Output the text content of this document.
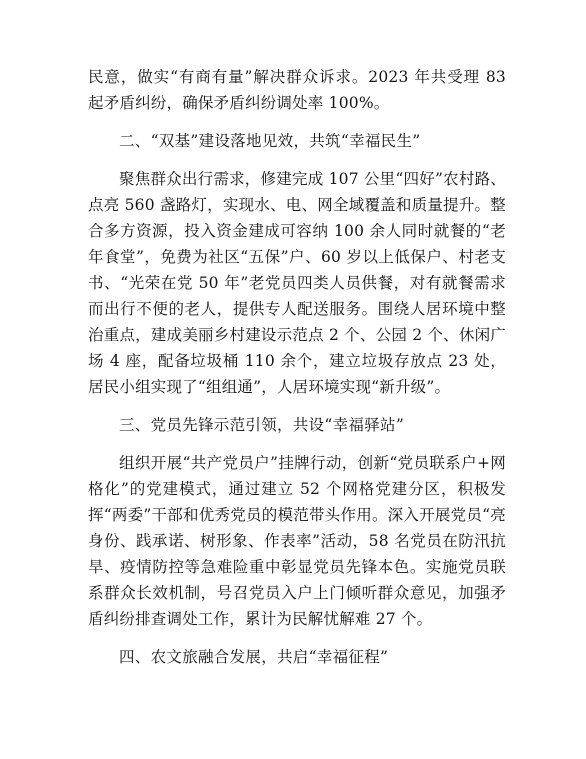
民意，做实“有商有量”解决群众诉求。2023 年共受理 83 起矛盾纠纷，确保矛盾纠纷调处率 100%。

二、“双基”建设落地见效，共筑“幸福民生”

聚焦群众出行需求，修建完成 107 公里“四好”农村路、点亮 560 盏路灯，实现水、电、网全域覆盖和质量提升。整合多方资源，投入资金建成可容纳 100 余人同时就餐的“老年食堂”，免费为社区“五保”户、60 岁以上低保户、村老支书、“光荣在党 50 年”老党员四类人员供餐，对有就餐需求而出行不便的老人，提供专人配送服务。围绕人居环境中整治重点，建成美丽乡村建设示范点 2 个、公园 2 个、休闲广场 4 座，配备垃圾桶 110 余个，建立垃圾存放点 23 处，居民小组实现了“组组通”，人居环境实现“新升级”。

三、党员先锋示范引领，共设“幸福驿站”

组织开展“共产党员户”挂牌行动，创新“党员联系户+网格化”的党建模式，通过建立 52 个网格党建分区，积极发挥“两委”干部和优秀党员的模范带头作用。深入开展党员“亮身份、践承诺、树形象、作表率”活动，58 名党员在防汛抗旱、疫情防控等急难险重中彰显党员先锋本色。实施党员联系群众长效机制，号召党员入户上门倾听群众意见，加强矛盾纠纷排查调处工作，累计为民解忧解难 27 个。

四、农文旅融合发展，共启“幸福征程”
